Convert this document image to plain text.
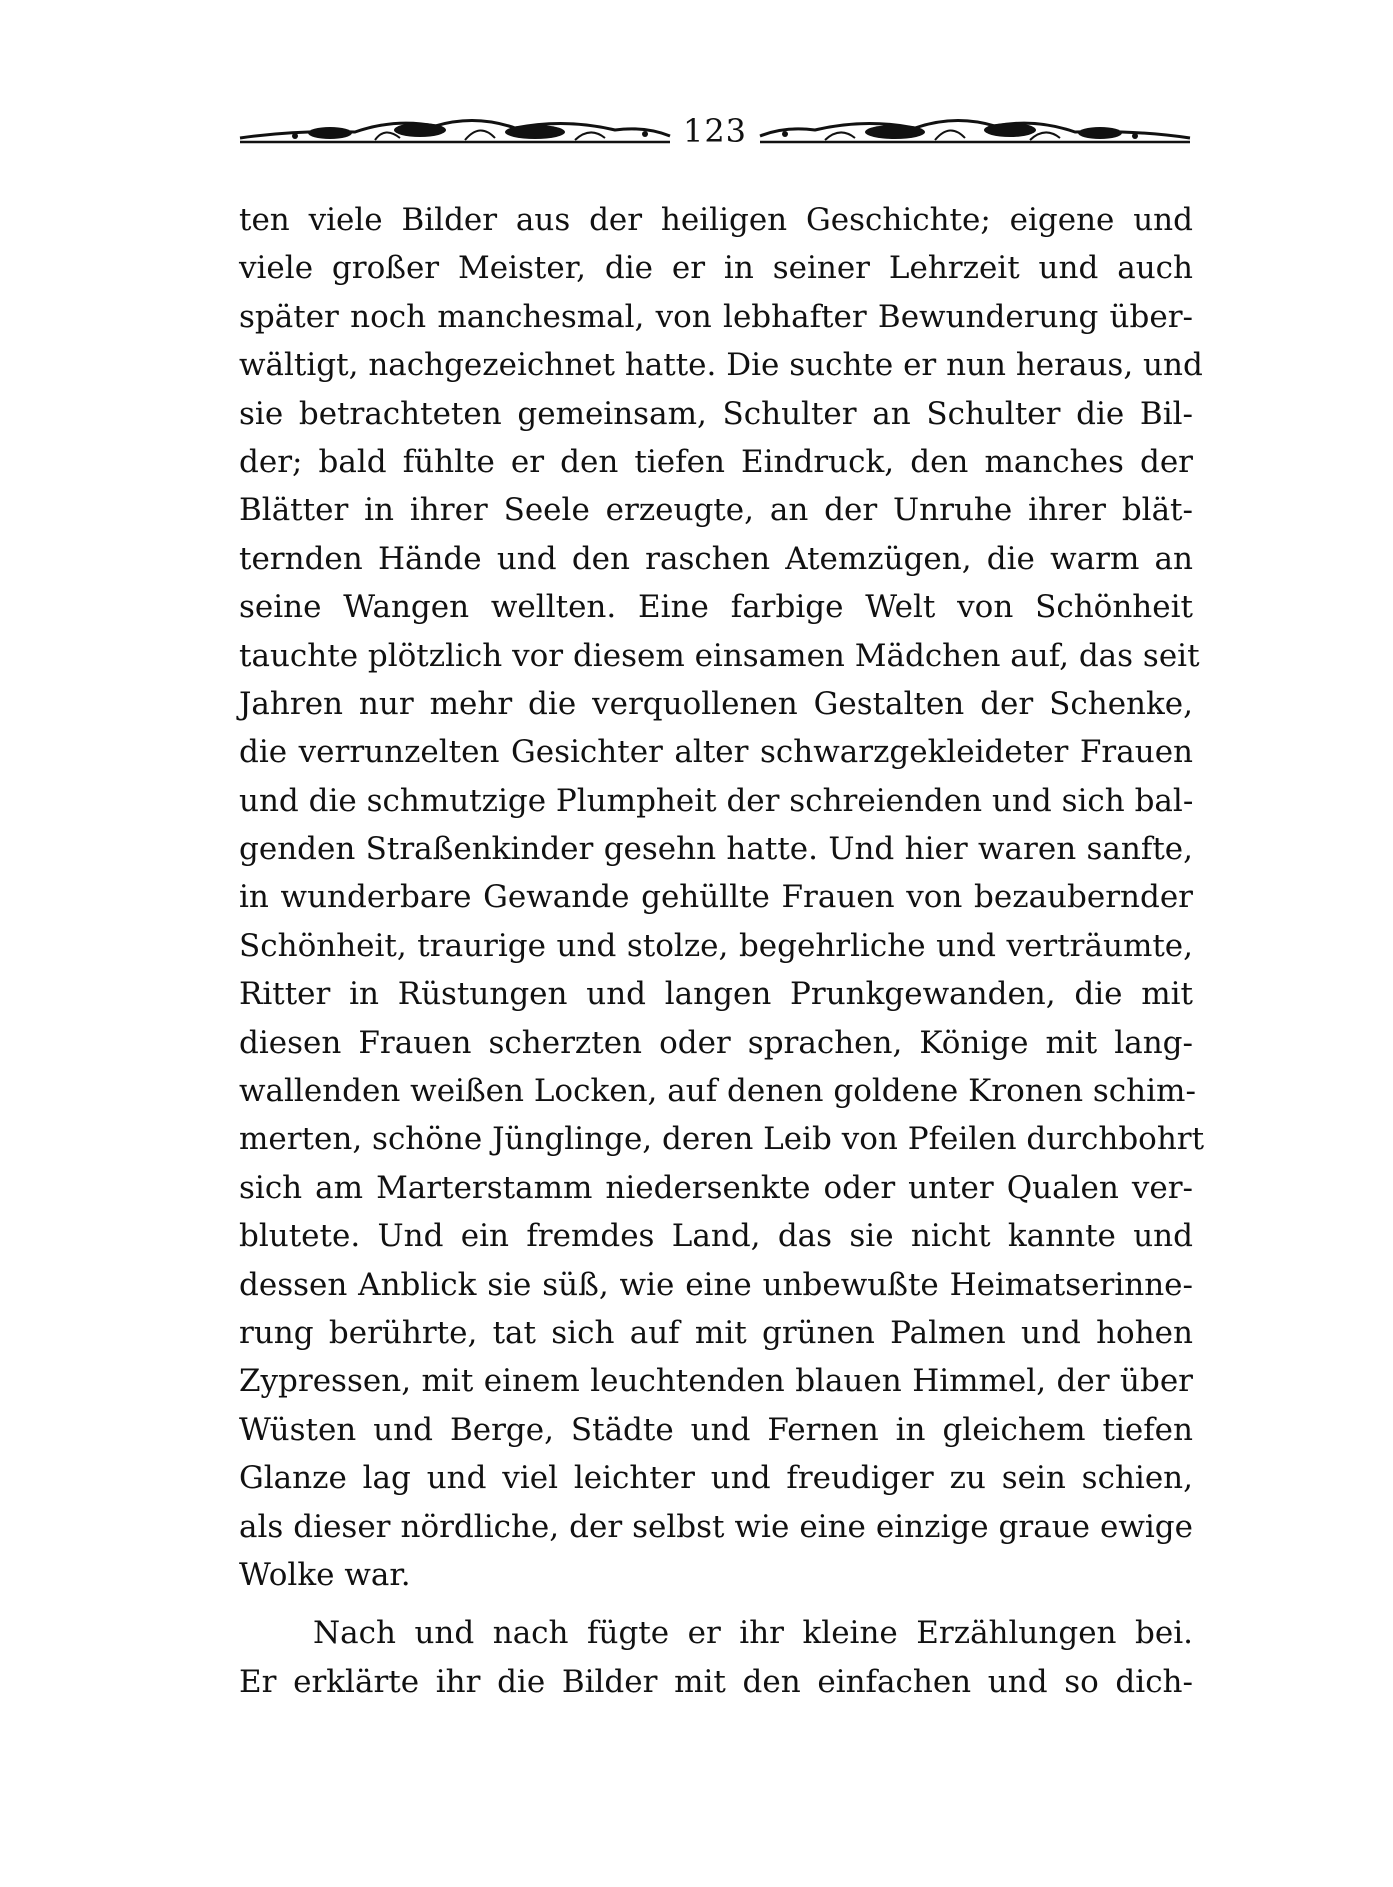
123
ten viele Bilder aus der heiligen Geschichte; eigene und
viele großer Meister, die er in seiner Lehrzeit und auch
später noch manchesmal, von lebhafter Bewunderung über-
wältigt, nachgezeichnet hatte. Die suchte er nun heraus, und
sie betrachteten gemeinsam, Schulter an Schulter die Bil-
der; bald fühlte er den tiefen Eindruck, den manches der
Blätter in ihrer Seele erzeugte, an der Unruhe ihrer blät-
ternden Hände und den raschen Atemzügen, die warm an
seine Wangen wellten. Eine farbige Welt von Schönheit
tauchte plötzlich vor diesem einsamen Mädchen auf, das seit
Jahren nur mehr die verquollenen Gestalten der Schenke,
die verrunzelten Gesichter alter schwarzgekleideter Frauen
und die schmutzige Plumpheit der schreienden und sich bal-
genden Straßenkinder gesehn hatte. Und hier waren sanfte,
in wunderbare Gewande gehüllte Frauen von bezaubernder
Schönheit, traurige und stolze, begehrliche und verträumte,
Ritter in Rüstungen und langen Prunkgewanden, die mit
diesen Frauen scherzten oder sprachen, Könige mit lang-
wallenden weißen Locken, auf denen goldene Kronen schim-
merten, schöne Jünglinge, deren Leib von Pfeilen durchbohrt
sich am Marterstamm niedersenkte oder unter Qualen ver-
blutete. Und ein fremdes Land, das sie nicht kannte und
dessen Anblick sie süß, wie eine unbewußte Heimatserinne-
rung berührte, tat sich auf mit grünen Palmen und hohen
Zypressen, mit einem leuchtenden blauen Himmel, der über
Wüsten und Berge, Städte und Fernen in gleichem tiefen
Glanze lag und viel leichter und freudiger zu sein schien,
als dieser nördliche, der selbst wie eine einzige graue ewige
Wolke war.
Nach und nach fügte er ihr kleine Erzählungen bei.
Er erklärte ihr die Bilder mit den einfachen und so dich-
